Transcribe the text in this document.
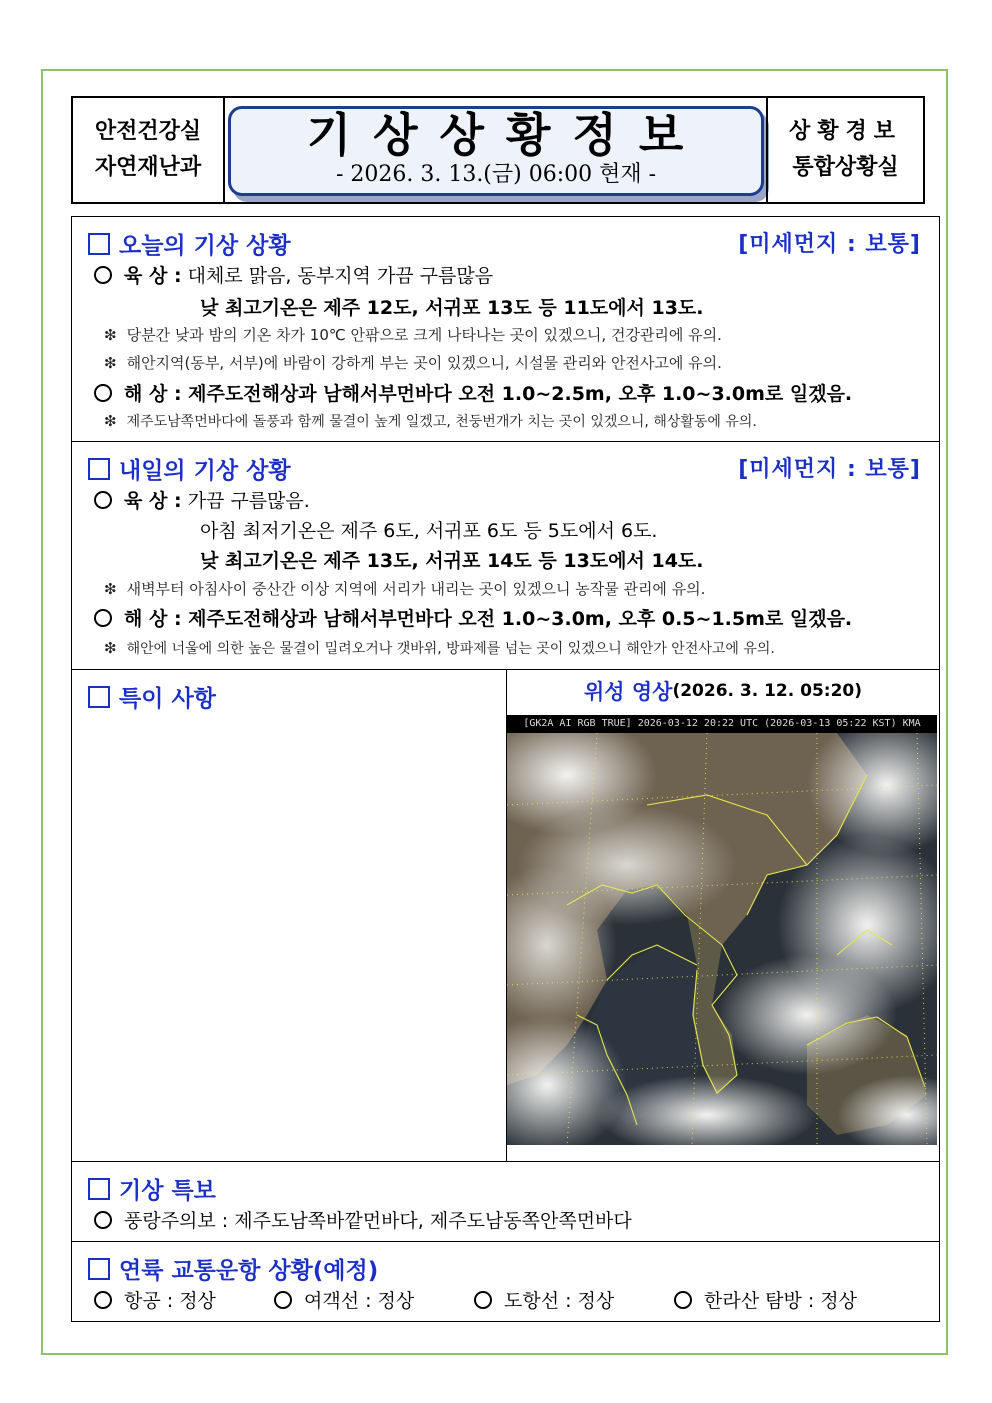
안전건강실
자연재난과
기상상황정보
- 2026. 3. 13.(금) 06:00 현재 -
상황경보
통합상황실
오늘의 기상 상황	[미세먼지 : 보통]
육 상 : 대체로 맑음, 동부지역 가끔 구름많음
낮 최고기온은 제주 12도, 서귀포 13도 등 11도에서 13도.
❇ 당분간 낮과 밤의 기온 차가 10℃ 안팎으로 크게 나타나는 곳이 있겠으니, 건강관리에 유의.
❇ 해안지역(동부, 서부)에 바람이 강하게 부는 곳이 있겠으니, 시설물 관리와 안전사고에 유의.
해 상 : 제주도전해상과 남해서부먼바다 오전 1.0~2.5m, 오후 1.0~3.0m로 일겠음.
❇ 제주도남쪽먼바다에 돌풍과 함께 물결이 높게 일겠고, 천둥번개가 치는 곳이 있겠으니, 해상활동에 유의.
내일의 기상 상황	[미세먼지 : 보통]
육 상 : 가끔 구름많음.
아침 최저기온은 제주 6도, 서귀포 6도 등 5도에서 6도.
낮 최고기온은 제주 13도, 서귀포 14도 등 13도에서 14도.
❇ 새벽부터 아침사이 중산간 이상 지역에 서리가 내리는 곳이 있겠으니 농작물 관리에 유의.
해 상 : 제주도전해상과 남해서부먼바다 오전 1.0~3.0m, 오후 0.5~1.5m로 일겠음.
❇ 해안에 너울에 의한 높은 물결이 밀려오거나 갯바위, 방파제를 넘는 곳이 있겠으니 해안가 안전사고에 유의.
특이 사항	위성 영상 (2026. 3. 12. 05:20)
[GK2A AI RGB TRUE] 2026-03-12 20:22 UTC (2026-03-13 05:22 KST) KMA
기상 특보
풍랑주의보 : 제주도남쪽바깥먼바다, 제주도남동쪽안쪽먼바다
연륙 교통운항 상황(예정)
항공 : 정상	여객선 : 정상	도항선 : 정상	한라산 탐방 : 정상
